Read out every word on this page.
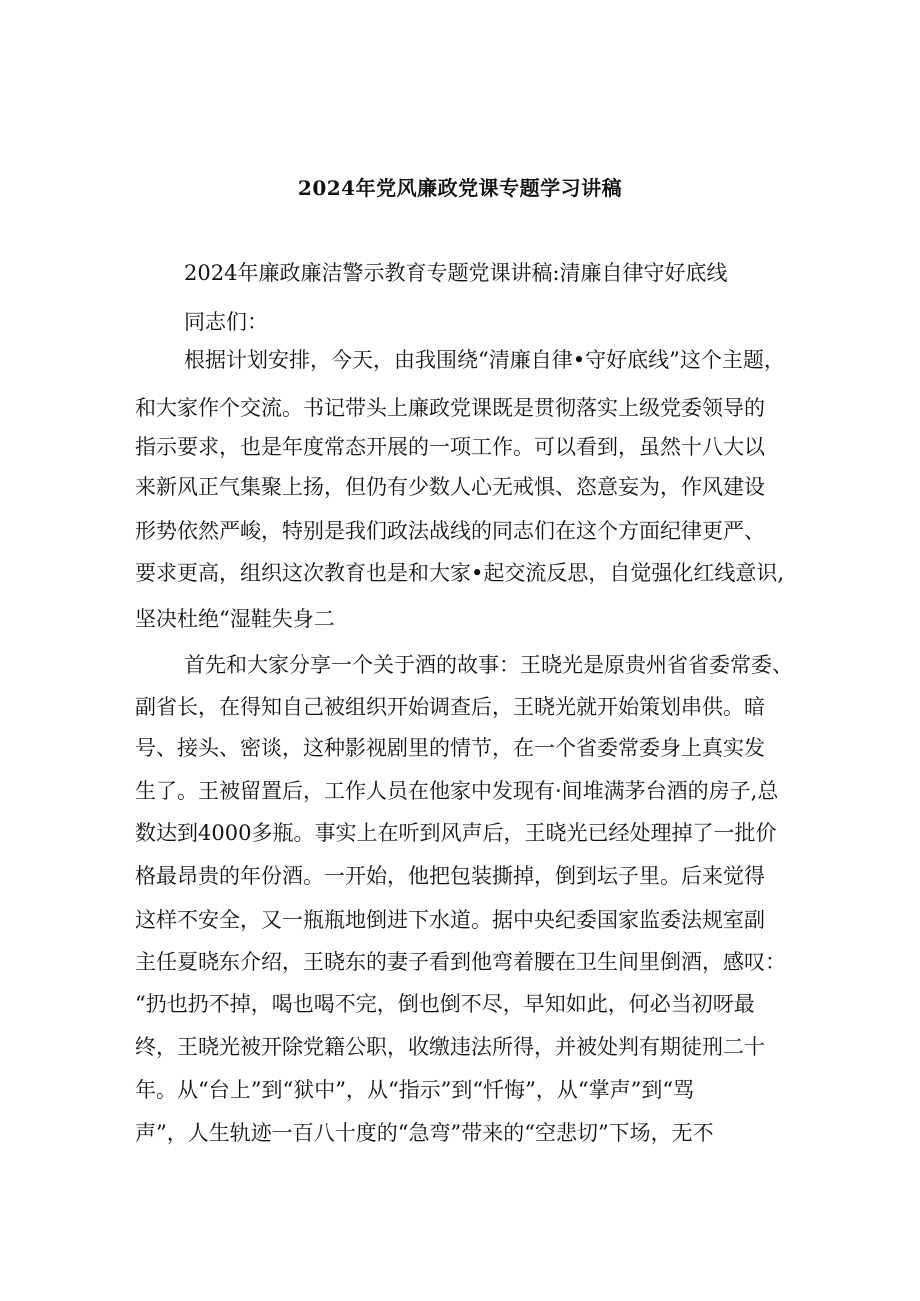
2024年党风廉政党课专题学习讲稿
2024年廉政廉洁警示教育专题党课讲稿:清廉自律守好底线
同志们：
根据计划安排，今天，由我围绕“清廉自律•守好底线”这个主题，
和大家作个交流。书记带头上廉政党课既是贯彻落实上级党委领导的
指示要求，也是年度常态开展的一项工作。可以看到，虽然十八大以
来新风正气集聚上扬，但仍有少数人心无戒惧、恣意妄为，作风建设
形势依然严峻，特别是我们政法战线的同志们在这个方面纪律更严、
要求更高，组织这次教育也是和大家•起交流反思，自觉强化红线意识,
坚决杜绝“湿鞋失身二
首先和大家分享一个关于酒的故事：王晓光是原贵州省省委常委、
副省长，在得知自己被组织开始调查后，王晓光就开始策划串供。暗
号、接头、密谈，这种影视剧里的情节，在一个省委常委身上真实发
生了。王被留置后，工作人员在他家中发现有·间堆满茅台酒的房子,总
数达到4000多瓶。事实上在听到风声后，王晓光已经处理掉了一批价
格最昂贵的年份酒。一开始，他把包装撕掉，倒到坛子里。后来觉得
这样不安全，又一瓶瓶地倒进下水道。据中央纪委国家监委法规室副
主任夏晓东介绍，王晓东的妻子看到他弯着腰在卫生间里倒酒，感叹：
“扔也扔不掉，喝也喝不完，倒也倒不尽，早知如此，何必当初呀最
终，王晓光被开除党籍公职，收缴违法所得，并被处判有期徒刑二十
年。从“台上”到“狱中”，从“指示”到“忏悔”，从“掌声”到“骂
声”，人生轨迹一百八十度的“急弯”带来的“空悲切”下场，无不
